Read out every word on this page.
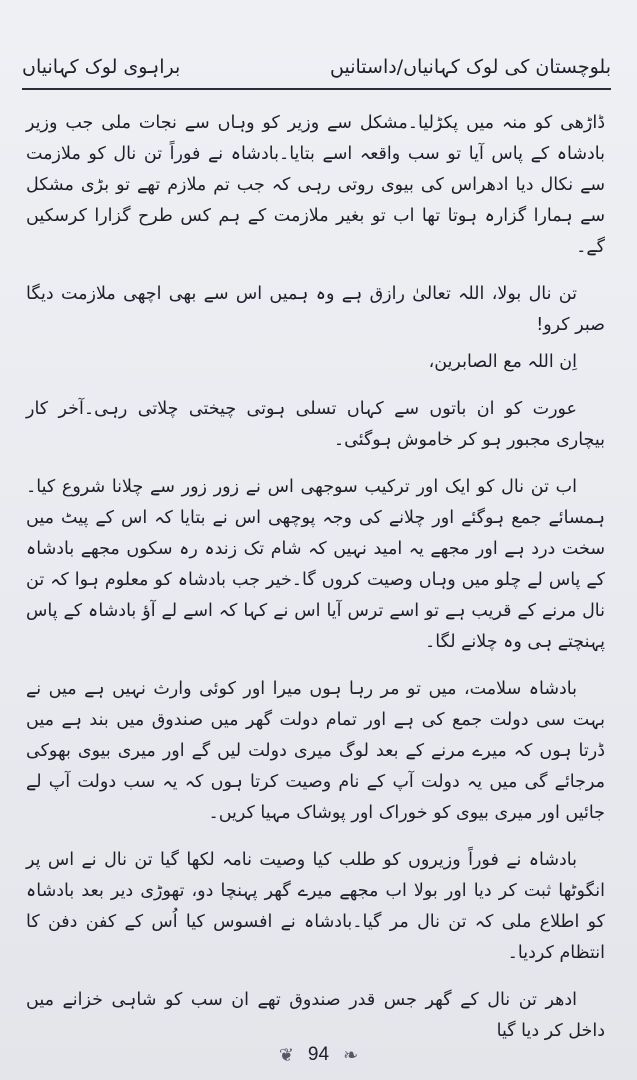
بلوچستان کی لوک کہانیاں/داستانیں
براہوی لوک کہانیاں

ڈاڑھی کو منہ میں پکڑلیا۔مشکل سے وزیر کو وہاں سے نجات ملی جب وزیر بادشاہ کے پاس آیا تو سب واقعہ اسے بتایا۔بادشاہ نے فوراً تن نال کو ملازمت سے نکال دیا ادھراس کی بیوی روتی رہی کہ جب تم ملازم تھے تو بڑی مشکل سے ہمارا گزارہ ہوتا تھا اب تو بغیر ملازمت کے ہم کس طرح گزارا کرسکیں گے۔

تن نال بولا، اللہ تعالیٰ رازق ہے وہ ہمیں اس سے بھی اچھی ملازمت دیگا صبر کرو!

اِن اللہ مع الصابرین،

عورت کو ان باتوں سے کہاں تسلی ہوتی چیختی چلاتی رہی۔آخر کار بیچاری مجبور ہو کر خاموش ہوگئی۔

اب تن نال کو ایک اور ترکیب سوجھی اس نے زور زور سے چلانا شروع کیا۔ہمسائے جمع ہوگئے اور چلانے کی وجہ پوچھی اس نے بتایا کہ اس کے پیٹ میں سخت درد ہے اور مجھے یہ امید نہیں کہ شام تک زندہ رہ سکوں مجھے بادشاہ کے پاس لے چلو میں وہاں وصیت کروں گا۔خیر جب بادشاہ کو معلوم ہوا کہ تن نال مرنے کے قریب ہے تو اسے ترس آیا اس نے کہا کہ اسے لے آؤ بادشاہ کے پاس پہنچتے ہی وہ چلانے لگا۔

بادشاہ سلامت، میں تو مر رہا ہوں میرا اور کوئی وارث نہیں ہے میں نے بہت سی دولت جمع کی ہے اور تمام دولت گھر میں صندوق میں بند ہے میں ڈرتا ہوں کہ میرے مرنے کے بعد لوگ میری دولت لیں گے اور میری بیوی بھوکی مرجائے گی میں یہ دولت آپ کے نام وصیت کرتا ہوں کہ یہ سب دولت آپ لے جائیں اور میری بیوی کو خوراک اور پوشاک مہیا کریں۔

بادشاہ نے فوراً وزیروں کو طلب کیا وصیت نامہ لکھا گیا تن نال نے اس پر انگوٹھا ثبت کر دیا اور بولا اب مجھے میرے گھر پہنچا دو، تھوڑی دیر بعد بادشاہ کو اطلاع ملی کہ تن نال مر گیا۔بادشاہ نے افسوس کیا اُس کے کفن دفن کا انتظام کردیا۔

ادھر تن نال کے گھر جس قدر صندوق تھے ان سب کو شاہی خزانے میں داخل کر دیا گیا

❦ 94 ❧
